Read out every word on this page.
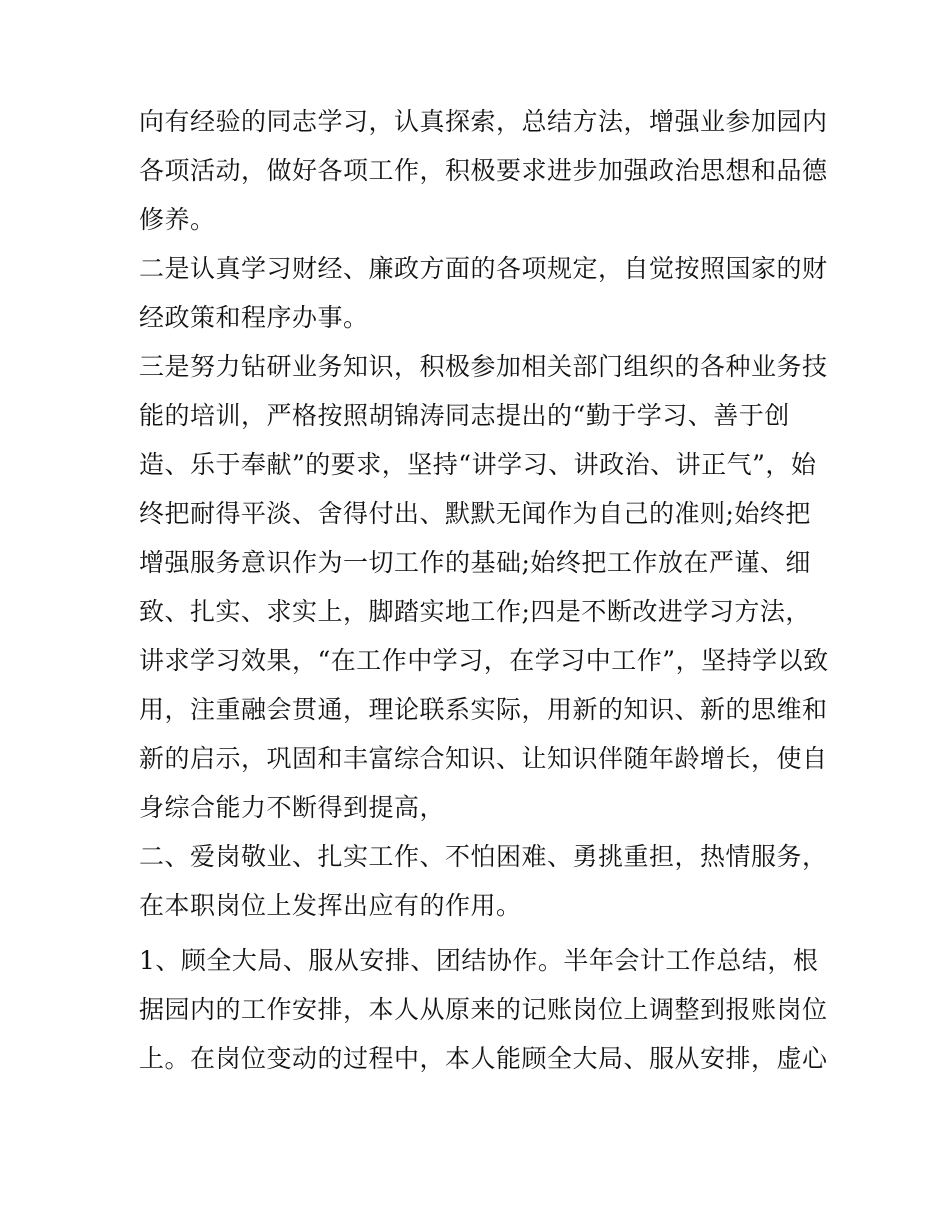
向有经验的同志学习，认真探索，总结方法，增强业参加园内
各项活动，做好各项工作，积极要求进步加强政治思想和品德
修养。
二是认真学习财经、廉政方面的各项规定，自觉按照国家的财
经政策和程序办事。
三是努力钻研业务知识，积极参加相关部门组织的各种业务技
能的培训，严格按照胡锦涛同志提出的“勤于学习、善于创
造、乐于奉献”的要求，坚持“讲学习、讲政治、讲正气”，始
终把耐得平淡、舍得付出、默默无闻作为自己的准则;始终把
增强服务意识作为一切工作的基础;始终把工作放在严谨、细
致、扎实、求实上，脚踏实地工作;四是不断改进学习方法，
讲求学习效果，“在工作中学习，在学习中工作”，坚持学以致
用，注重融会贯通，理论联系实际，用新的知识、新的思维和
新的启示，巩固和丰富综合知识、让知识伴随年龄增长，使自
身综合能力不断得到提高，
二、爱岗敬业、扎实工作、不怕困难、勇挑重担，热情服务，
在本职岗位上发挥出应有的作用。
1、顾全大局、服从安排、团结协作。半年会计工作总结，根
据园内的工作安排，本人从原来的记账岗位上调整到报账岗位
上。在岗位变动的过程中，本人能顾全大局、服从安排，虚心
